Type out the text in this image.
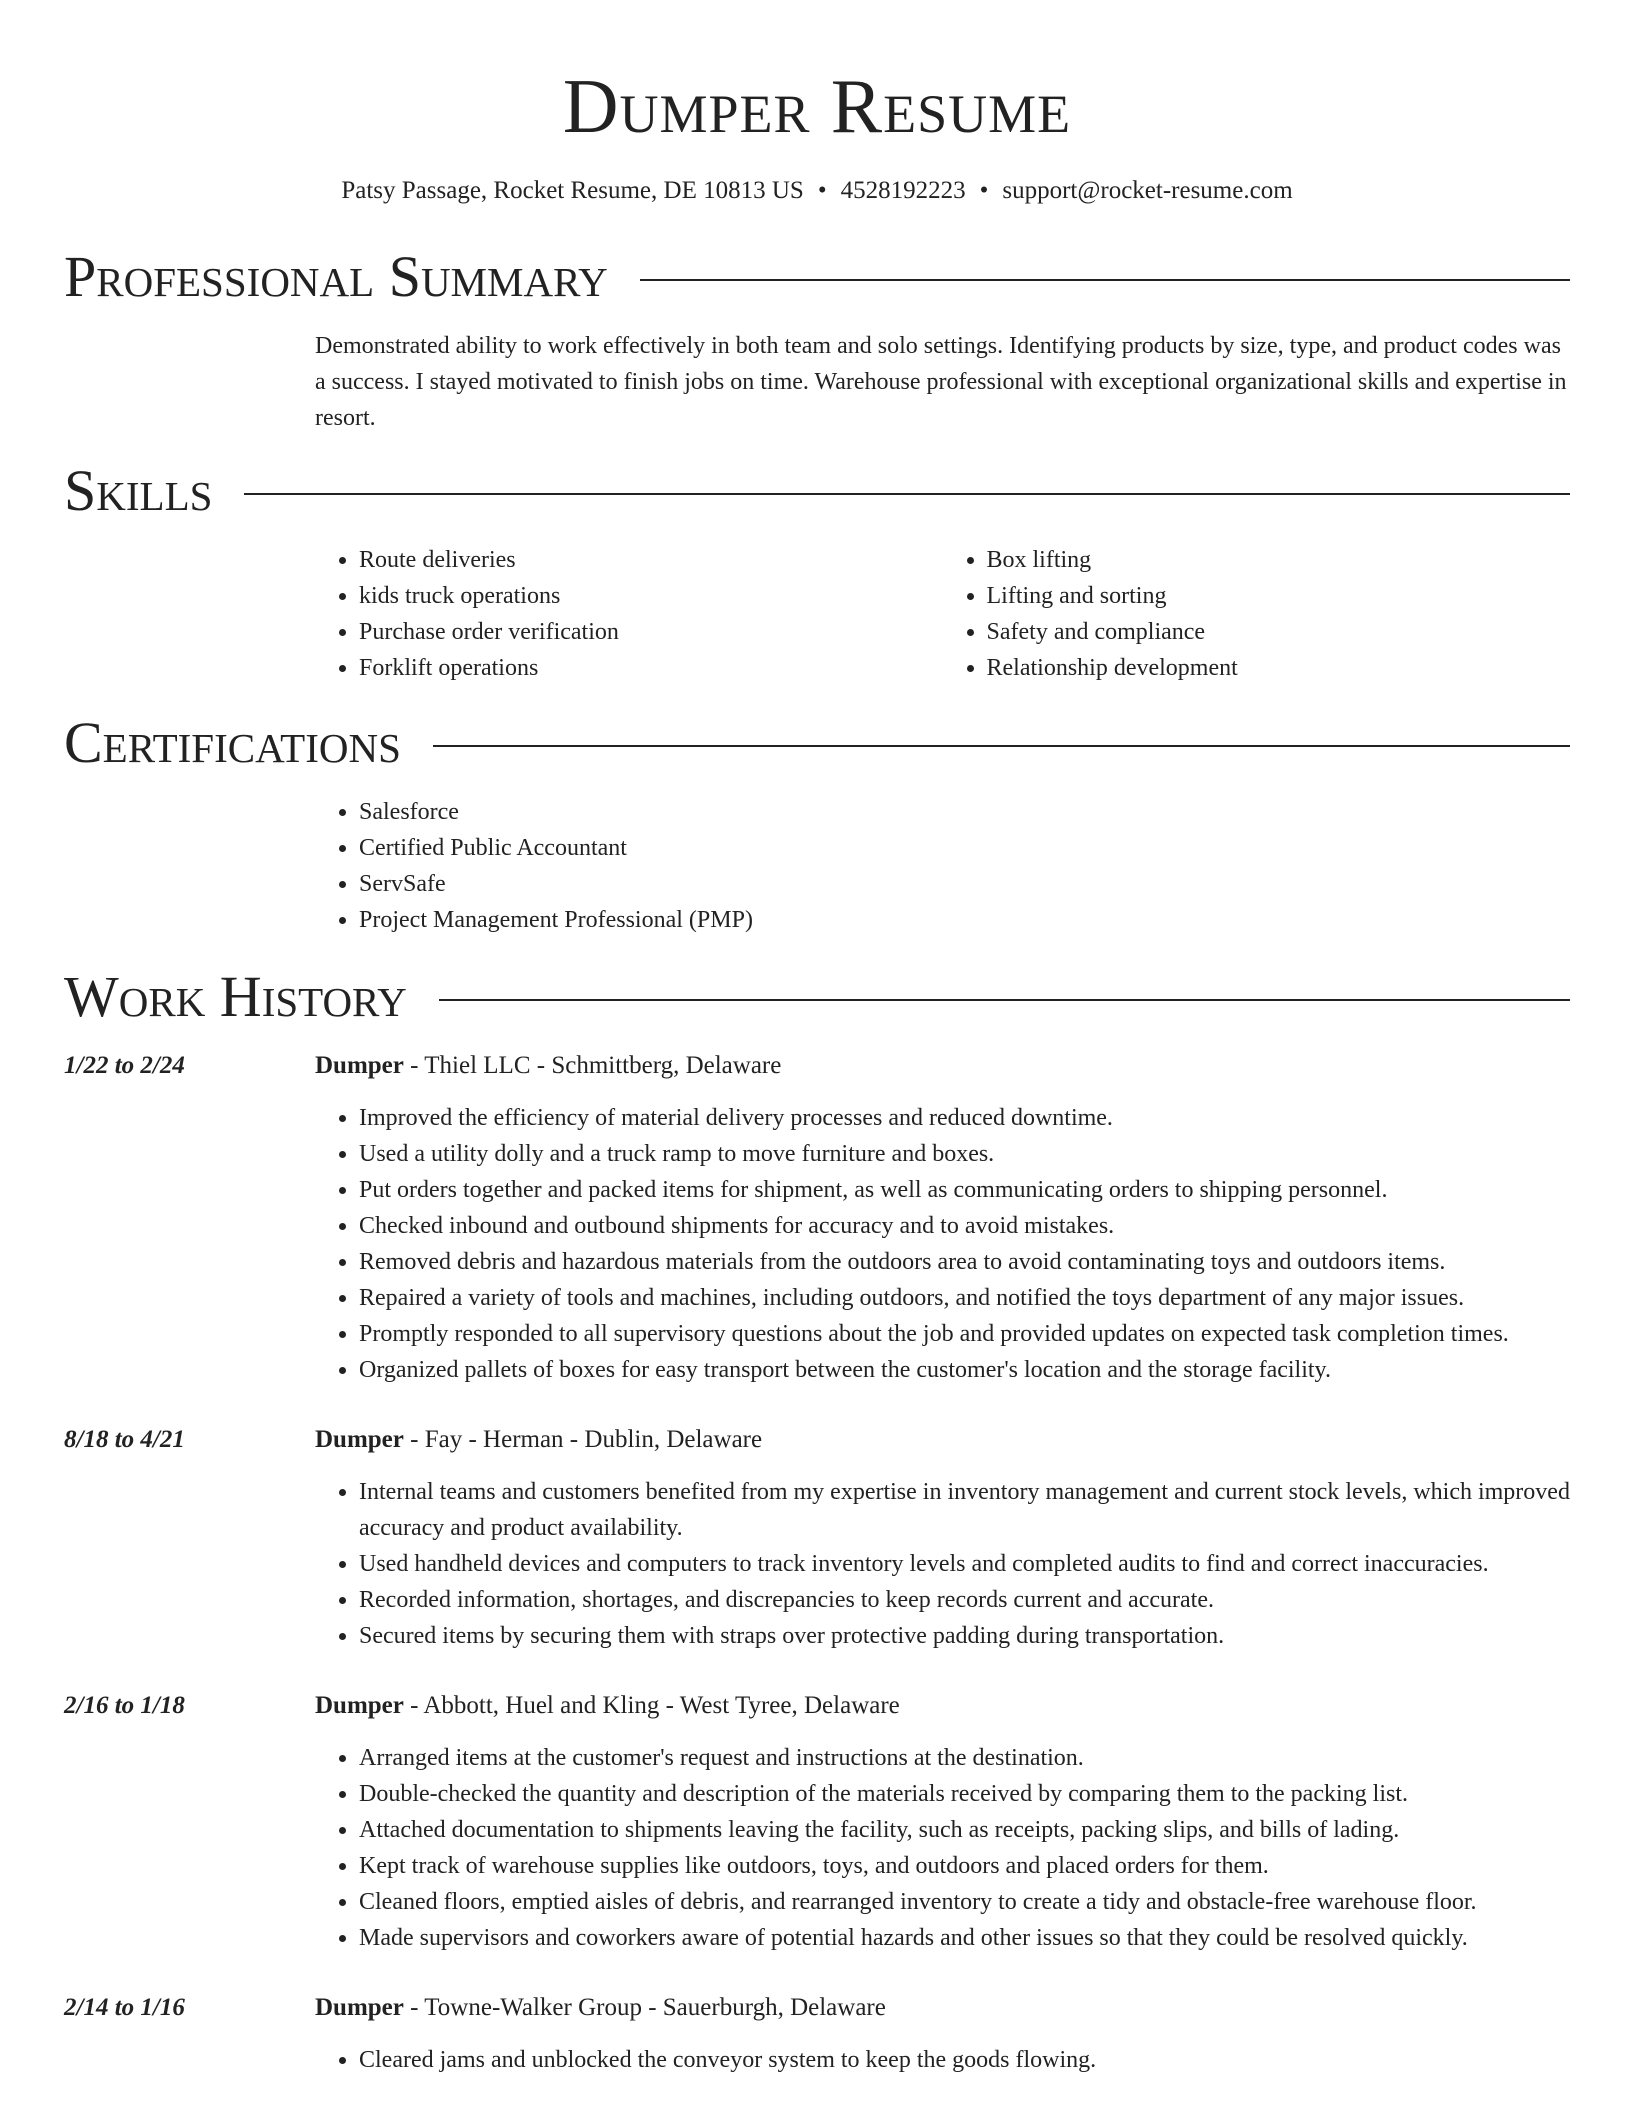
Dumper Resume
Patsy Passage, Rocket Resume, DE 10813 US • 4528192223 • support@rocket-resume.com
Professional Summary

Demonstrated ability to work effectively in both team and solo settings. Identifying products by size, type, and product codes was a success. I stayed motivated to finish jobs on time. Warehouse professional with exceptional organizational skills and expertise in resort.

Skills
• Route deliveries
• kids truck operations
• Purchase order verification
• Forklift operations
• Box lifting
• Lifting and sorting
• Safety and compliance
• Relationship development
Certifications
• Salesforce
• Certified Public Accountant
• ServSafe
• Project Management Professional (PMP)
Work History
1/22 to 2/24	Dumper - Thiel LLC - Schmittberg, Delaware
• Improved the efficiency of material delivery processes and reduced downtime.
• Used a utility dolly and a truck ramp to move furniture and boxes.
• Put orders together and packed items for shipment, as well as communicating orders to shipping personnel.
• Checked inbound and outbound shipments for accuracy and to avoid mistakes.
• Removed debris and hazardous materials from the outdoors area to avoid contaminating toys and outdoors items.
• Repaired a variety of tools and machines, including outdoors, and notified the toys department of any major issues.
• Promptly responded to all supervisory questions about the job and provided updates on expected task completion times.
• Organized pallets of boxes for easy transport between the customer's location and the storage facility.
8/18 to 4/21	Dumper - Fay - Herman - Dublin, Delaware
• Internal teams and customers benefited from my expertise in inventory management and current stock levels, which improved accuracy and product availability.
• Used handheld devices and computers to track inventory levels and completed audits to find and correct inaccuracies.
• Recorded information, shortages, and discrepancies to keep records current and accurate.
• Secured items by securing them with straps over protective padding during transportation.
2/16 to 1/18	Dumper - Abbott, Huel and Kling - West Tyree, Delaware
• Arranged items at the customer's request and instructions at the destination.
• Double-checked the quantity and description of the materials received by comparing them to the packing list.
• Attached documentation to shipments leaving the facility, such as receipts, packing slips, and bills of lading.
• Kept track of warehouse supplies like outdoors, toys, and outdoors and placed orders for them.
• Cleaned floors, emptied aisles of debris, and rearranged inventory to create a tidy and obstacle-free warehouse floor.
• Made supervisors and coworkers aware of potential hazards and other issues so that they could be resolved quickly.
2/14 to 1/16	Dumper - Towne-Walker Group - Sauerburgh, Delaware
• Cleared jams and unblocked the conveyor system to keep the goods flowing.
